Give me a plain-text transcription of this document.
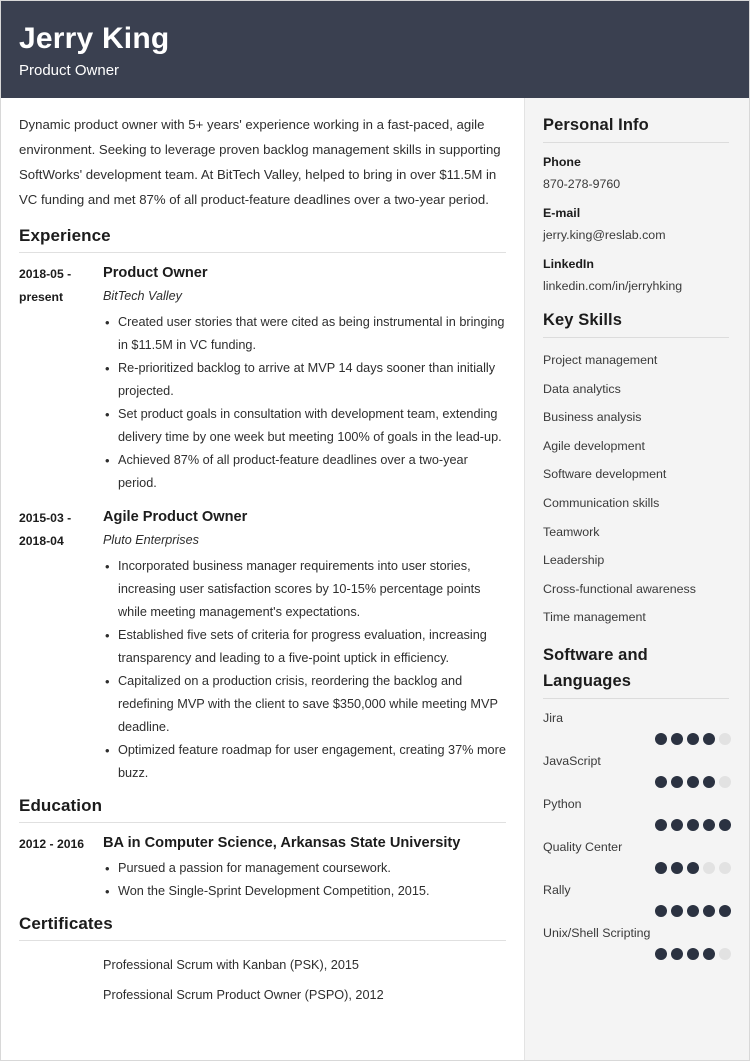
Jerry King
Product Owner
Dynamic product owner with 5+ years' experience working in a fast-paced, agile environment. Seeking to leverage proven backlog management skills in supporting SoftWorks' development team. At BitTech Valley, helped to bring in over $11.5M in VC funding and met 87% of all product-feature deadlines over a two-year period.
Experience
2018-05 - present
Product Owner
BitTech Valley
• Created user stories that were cited as being instrumental in bringing in $11.5M in VC funding.
• Re-prioritized backlog to arrive at MVP 14 days sooner than initially projected.
• Set product goals in consultation with development team, extending delivery time by one week but meeting 100% of goals in the lead-up.
• Achieved 87% of all product-feature deadlines over a two-year period.
2015-03 - 2018-04
Agile Product Owner
Pluto Enterprises
• Incorporated business manager requirements into user stories, increasing user satisfaction scores by 10-15% percentage points while meeting management's expectations.
• Established five sets of criteria for progress evaluation, increasing transparency and leading to a five-point uptick in efficiency.
• Capitalized on a production crisis, reordering the backlog and redefining MVP with the client to save $350,000 while meeting MVP deadline.
• Optimized feature roadmap for user engagement, creating 37% more buzz.
Education
2012 - 2016	BA in Computer Science, Arkansas State University
• Pursued a passion for management coursework.
• Won the Single-Sprint Development Competition, 2015.
Certificates
Professional Scrum with Kanban (PSK), 2015
Professional Scrum Product Owner (PSPO), 2012
Personal Info
Phone
870-278-9760
E-mail
jerry.king@reslab.com
LinkedIn
linkedin.com/in/jerryhking
Key Skills
Project management
Data analytics
Business analysis
Agile development
Software development
Communication skills
Teamwork
Leadership
Cross-functional awareness
Time management
Software and Languages
Jira
JavaScript
Python
Quality Center
Rally
Unix/Shell Scripting
